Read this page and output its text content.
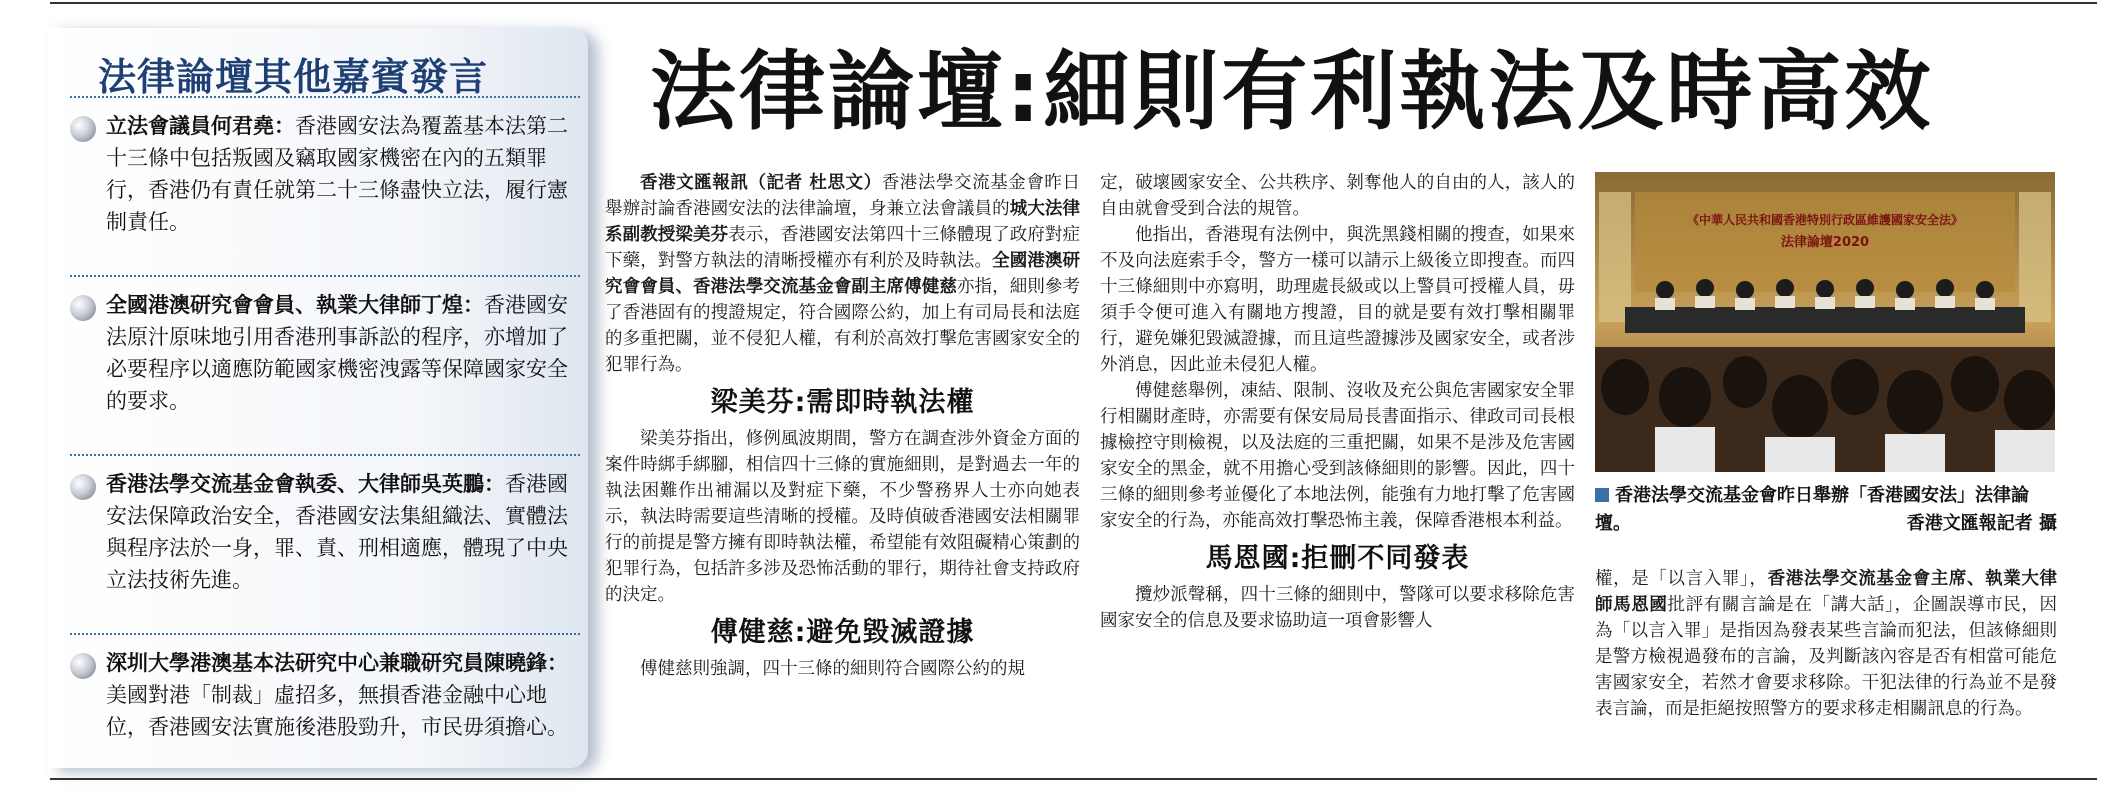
法律論壇其他嘉賓發言
立法會議員何君堯：香港國安法為覆蓋基本法第二十三條中包括叛國及竊取國家機密在內的五類罪行，香港仍有責任就第二十三條盡快立法，履行憲制責任。
全國港澳研究會會員、執業大律師丁煌：香港國安法原汁原味地引用香港刑事訴訟的程序，亦增加了必要程序以適應防範國家機密洩露等保障國家安全的要求。
香港法學交流基金會執委、大律師吳英鵬：香港國安法保障政治安全，香港國安法集組織法、實體法與程序法於一身，罪、責、刑相適應，體現了中央立法技術先進。
深圳大學港澳基本法研究中心兼職研究員陳曉鋒：美國對港「制裁」虛招多，無損香港金融中心地位，香港國安法實施後港股勁升，市民毋須擔心。
法律論壇:細則有利執法及時高效

香港文匯報訊（記者 杜思文）香港法學交流基金會昨日舉辦討論香港國安法的法律論壇，身兼立法會議員的城大法律系副教授梁美芬表示，香港國安法第四十三條體現了政府對症下藥，對警方執法的清晰授權亦有利於及時執法。全國港澳研究會會員、香港法學交流基金會副主席傅健慈亦指，細則參考了香港固有的搜證規定，符合國際公約，加上有司局長和法庭的多重把關，並不侵犯人權，有利於高效打擊危害國家安全的犯罪行為。

梁美芬:需即時執法權

梁美芬指出，修例風波期間，警方在調查涉外資金方面的案件時綁手綁腳，相信四十三條的實施細則，是對過去一年的執法困難作出補漏以及對症下藥，不少警務界人士亦向她表示，執法時需要這些清晰的授權。及時偵破香港國安法相關罪行的前提是警方擁有即時執法權，希望能有效阻礙精心策劃的犯罪行為，包括許多涉及恐怖活動的罪行，期待社會支持政府的決定。

傅健慈:避免毀滅證據

傅健慈則強調，四十三條的細則符合國際公約的規

定，破壞國家安全、公共秩序、剝奪他人的自由的人，該人的自由就會受到合法的規管。

他指出，香港現有法例中，與洗黑錢相關的搜查，如果來不及向法庭索手令，警方一樣可以請示上級後立即搜查。而四十三條細則中亦寫明，助理處長級或以上警員可授權人員，毋須手令便可進入有關地方搜證，目的就是要有效打擊相關罪行，避免嫌犯毀滅證據，而且這些證據涉及國家安全，或者涉外消息，因此並未侵犯人權。

傅健慈舉例，凍結、限制、沒收及充公與危害國家安全罪行相關財產時，亦需要有保安局局長書面指示、律政司司長根據檢控守則檢視，以及法庭的三重把關，如果不是涉及危害國家安全的黑金，就不用擔心受到該條細則的影響。因此，四十三條的細則參考並優化了本地法例，能強有力地打擊了危害國家安全的行為，亦能高效打擊恐怖主義，保障香港根本利益。

馬恩國:拒刪不同發表

攬炒派聲稱，四十三條的細則中，警隊可以要求移除危害國家安全的信息及要求協助這一項會影響人

《中華人民共和國香港特別行政區維護國家安全法》
法律論壇2020
香港法學交流基金會昨日舉辦「香港國安法」法律論壇。	香港文匯報記者 攝

權，是「以言入罪」，香港法學交流基金會主席、執業大律師馬恩國批評有關言論是在「講大話」，企圖誤導市民，因為「以言入罪」是指因為發表某些言論而犯法，但該條細則是警方檢視過發布的言論，及判斷該內容是否有相當可能危害國家安全，若然才會要求移除。干犯法律的行為並不是發表言論，而是拒絕按照警方的要求移走相關訊息的行為。
